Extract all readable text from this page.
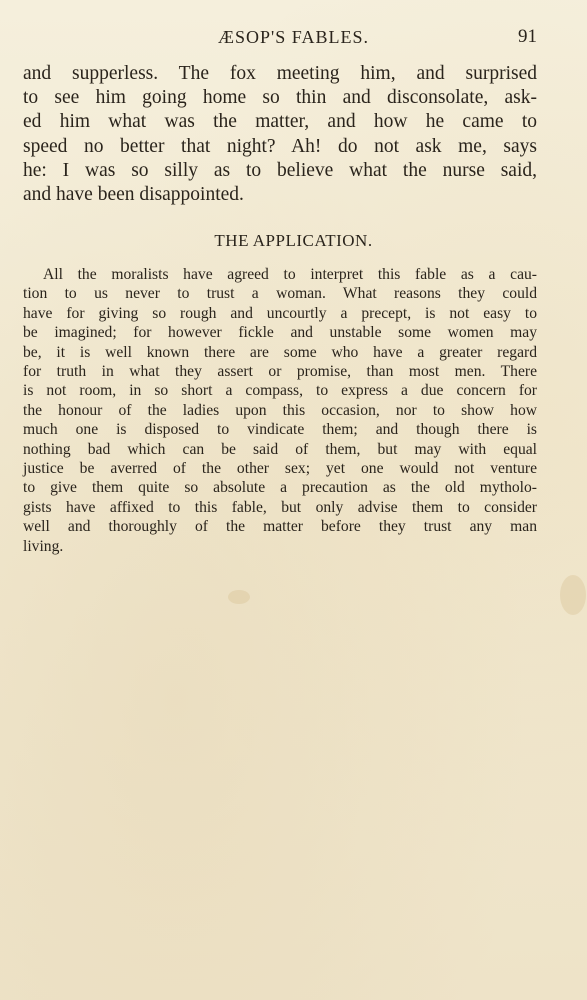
ÆSOP'S FABLES.	91
and supperless. The fox meeting him, and surprised
to see him going home so thin and disconsolate, ask-
ed him what was the matter, and how he came to
speed no better that night? Ah! do not ask me, says
he: I was so silly as to believe what the nurse said,
and have been disappointed.
THE APPLICATION.
All the moralists have agreed to interpret this fable as a cau-
tion to us never to trust a woman. What reasons they could
have for giving so rough and uncourtly a precept, is not easy to
be imagined; for however fickle and unstable some women may
be, it is well known there are some who have a greater regard
for truth in what they assert or promise, than most men. There
is not room, in so short a compass, to express a due concern for
the honour of the ladies upon this occasion, nor to show how
much one is disposed to vindicate them; and though there is
nothing bad which can be said of them, but may with equal
justice be averred of the other sex; yet one would not venture
to give them quite so absolute a precaution as the old mytholo-
gists have affixed to this fable, but only advise them to consider
well and thoroughly of the matter before they trust any man
living.
